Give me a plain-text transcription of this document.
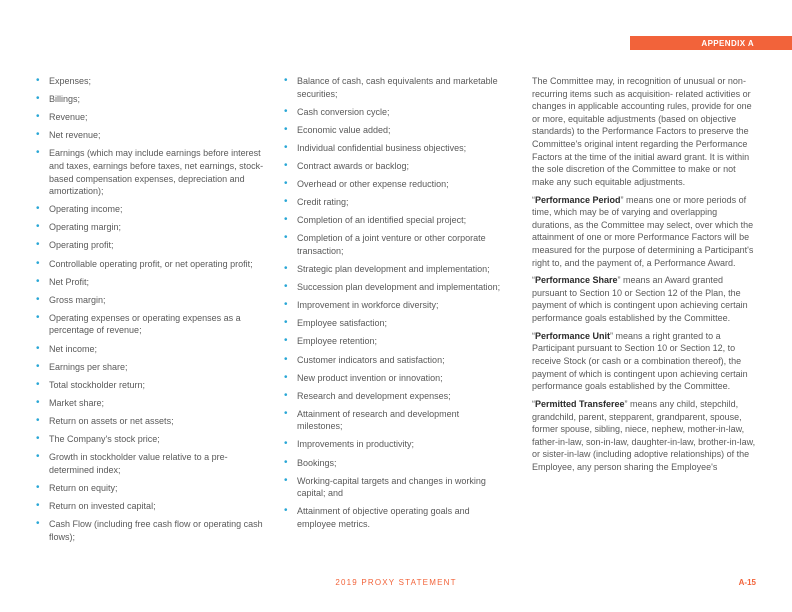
APPENDIX A
• Expenses;
• Billings;
• Revenue;
• Net revenue;
• Earnings (which may include earnings before interest and taxes, earnings before taxes, net earnings, stock-based compensation expenses, depreciation and amortization);
• Operating income;
• Operating margin;
• Operating profit;
• Controllable operating profit, or net operating profit;
• Net Profit;
• Gross margin;
• Operating expenses or operating expenses as a percentage of revenue;
• Net income;
• Earnings per share;
• Total stockholder return;
• Market share;
• Return on assets or net assets;
• The Company's stock price;
• Growth in stockholder value relative to a pre-determined index;
• Return on equity;
• Return on invested capital;
• Cash Flow (including free cash flow or operating cash flows);
• Balance of cash, cash equivalents and marketable securities;
• Cash conversion cycle;
• Economic value added;
• Individual confidential business objectives;
• Contract awards or backlog;
• Overhead or other expense reduction;
• Credit rating;
• Completion of an identified special project;
• Completion of a joint venture or other corporate transaction;
• Strategic plan development and implementation;
• Succession plan development and implementation;
• Improvement in workforce diversity;
• Employee satisfaction;
• Employee retention;
• Customer indicators and satisfaction;
• New product invention or innovation;
• Research and development expenses;
• Attainment of research and development milestones;
• Improvements in productivity;
• Bookings;
• Working-capital targets and changes in working capital; and
• Attainment of objective operating goals and employee metrics.

The Committee may, in recognition of unusual or non-recurring items such as acquisition- related activities or changes in applicable accounting rules, provide for one or more, equitable adjustments (based on objective standards) to the Performance Factors to preserve the Committee's original intent regarding the Performance Factors at the time of the initial award grant. It is within the sole discretion of the Committee to make or not make any such equitable adjustments.

“Performance Period” means one or more periods of time, which may be of varying and overlapping durations, as the Committee may select, over which the attainment of one or more Performance Factors will be measured for the purpose of determining a Participant's right to, and the payment of, a Performance Award.

“Performance Share” means an Award granted pursuant to Section 10 or Section 12 of the Plan, the payment of which is contingent upon achieving certain performance goals established by the Committee.

“Performance Unit” means a right granted to a Participant pursuant to Section 10 or Section 12, to receive Stock (or cash or a combination thereof), the payment of which is contingent upon achieving certain performance goals established by the Committee.

“Permitted Transferee” means any child, stepchild, grandchild, parent, stepparent, grandparent, spouse, former spouse, sibling, niece, nephew, mother-in-law, father-in-law, son-in-law, daughter-in-law, brother-in-law, or sister-in-law (including adoptive relationships) of the Employee, any person sharing the Employee's

2019 PROXY STATEMENT	A-15
